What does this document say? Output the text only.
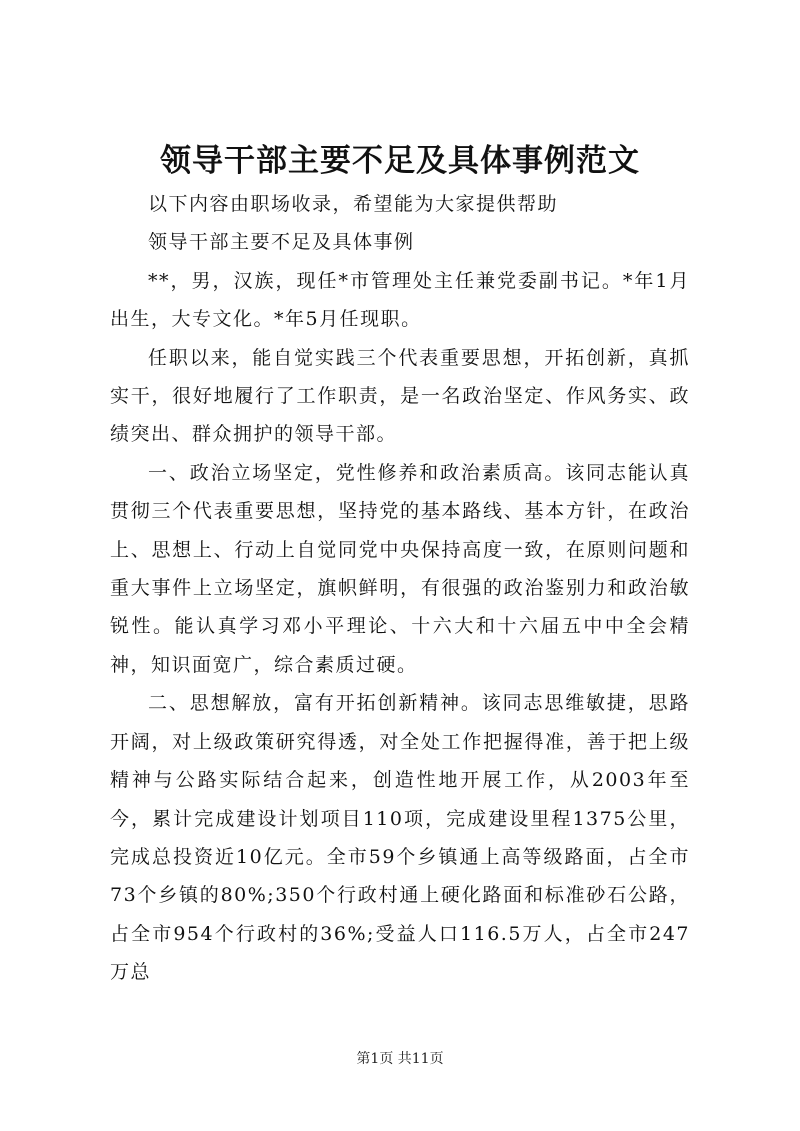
领导干部主要不足及具体事例范文

以下内容由职场收录，希望能为大家提供帮助

领导干部主要不足及具体事例

**，男，汉族，现任*市管理处主任兼党委副书记。*年1月出生，大专文化。*年5月任现职。

任职以来，能自觉实践三个代表重要思想，开拓创新，真抓实干，很好地履行了工作职责，是一名政治坚定、作风务实、政绩突出、群众拥护的领导干部。

一、政治立场坚定，党性修养和政治素质高。该同志能认真贯彻三个代表重要思想，坚持党的基本路线、基本方针，在政治上、思想上、行动上自觉同党中央保持高度一致，在原则问题和重大事件上立场坚定，旗帜鲜明，有很强的政治鉴别力和政治敏锐性。能认真学习邓小平理论、十六大和十六届五中中全会精神，知识面宽广，综合素质过硬。

二、思想解放，富有开拓创新精神。该同志思维敏捷，思路开阔，对上级政策研究得透，对全处工作把握得准，善于把上级精神与公路实际结合起来，创造性地开展工作，从2003年至今，累计完成建设计划项目110项，完成建设里程1375公里，完成总投资近10亿元。全市59个乡镇通上高等级路面，占全市73个乡镇的80%;350个行政村通上硬化路面和标准砂石公路，占全市954个行政村的36%;受益人口116.5万人，占全市247万总

第1页 共11页
